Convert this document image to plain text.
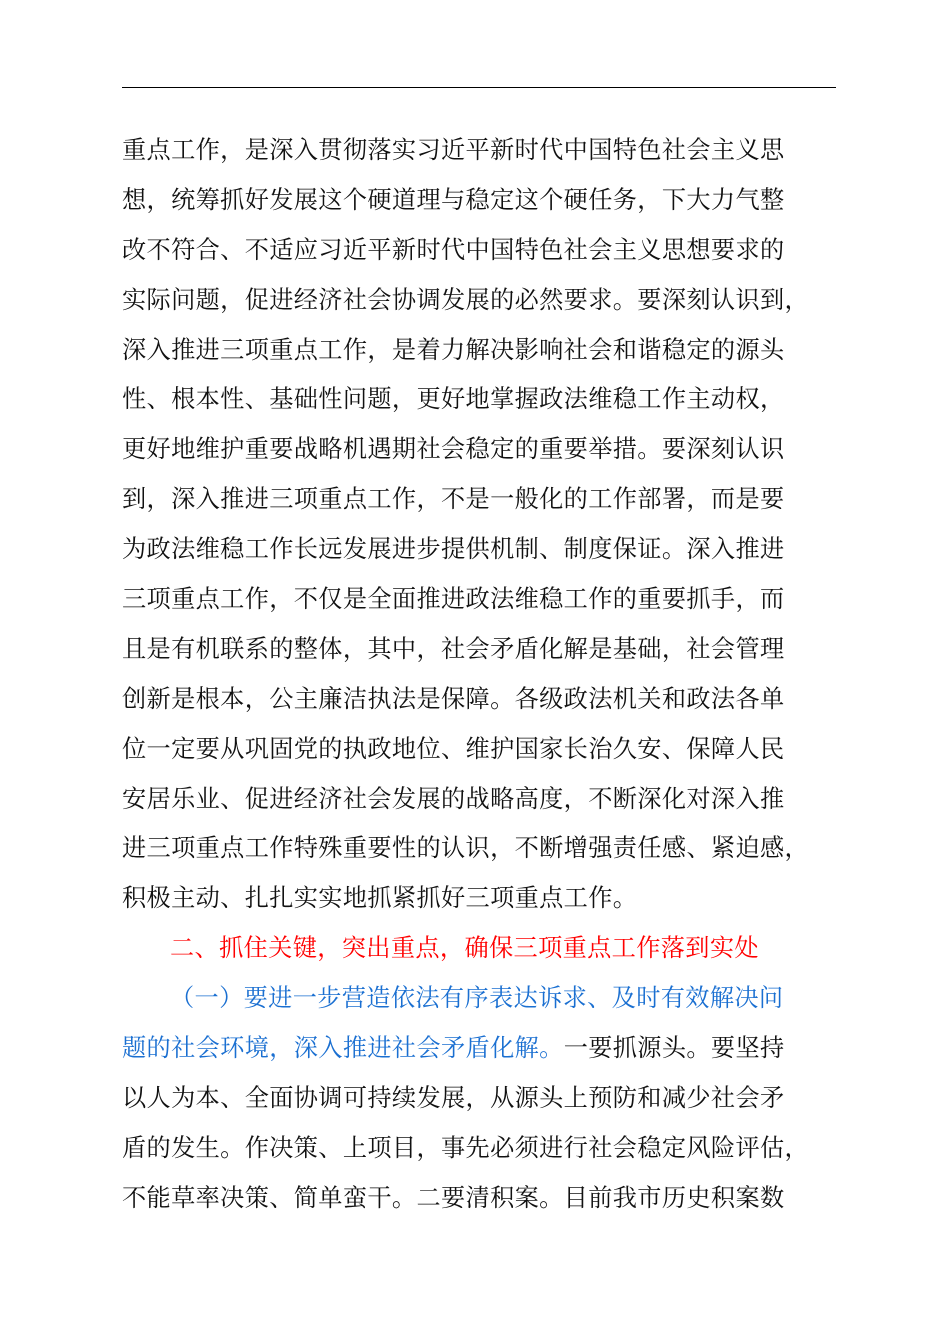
重点工作，是深入贯彻落实习近平新时代中国特色社会主义思
想，统筹抓好发展这个硬道理与稳定这个硬任务，下大力气整
改不符合、不适应习近平新时代中国特色社会主义思想要求的
实际问题，促进经济社会协调发展的必然要求。要深刻认识到，
深入推进三项重点工作，是着力解决影响社会和谐稳定的源头
性、根本性、基础性问题，更好地掌握政法维稳工作主动权，
更好地维护重要战略机遇期社会稳定的重要举措。要深刻认识
到，深入推进三项重点工作，不是一般化的工作部署，而是要
为政法维稳工作长远发展进步提供机制、制度保证。深入推进
三项重点工作，不仅是全面推进政法维稳工作的重要抓手，而
且是有机联系的整体，其中，社会矛盾化解是基础，社会管理
创新是根本，公主廉洁执法是保障。各级政法机关和政法各单
位一定要从巩固党的执政地位、维护国家长治久安、保障人民
安居乐业、促进经济社会发展的战略高度，不断深化对深入推
进三项重点工作特殊重要性的认识，不断增强责任感、紧迫感，
积极主动、扎扎实实地抓紧抓好三项重点工作。
二、抓住关键，突出重点，确保三项重点工作落到实处
（一）要进一步营造依法有序表达诉求、及时有效解决问
题的社会环境，深入推进社会矛盾化解。一要抓源头。要坚持
以人为本、全面协调可持续发展，从源头上预防和减少社会矛
盾的发生。作决策、上项目，事先必须进行社会稳定风险评估，
不能草率决策、简单蛮干。二要清积案。目前我市历史积案数
